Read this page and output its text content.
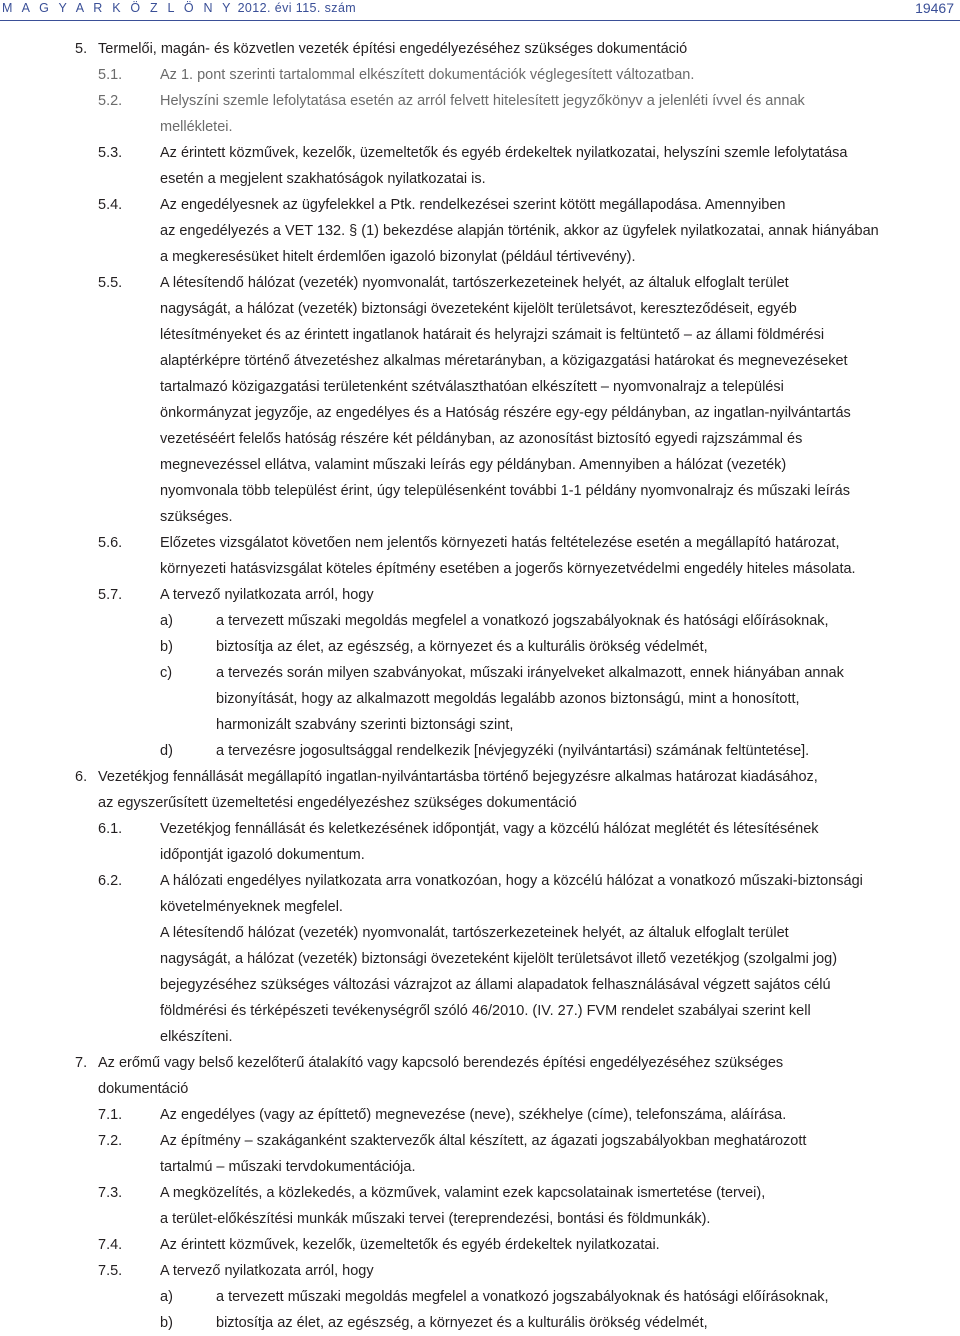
M A G Y A R K Ö Z L Ö N Y 2012. évi 115. szám	19467
5. Termelői, magán- és közvetlen vezeték építési engedélyezéséhez szükséges dokumentáció
5.1.	Az 1. pont szerinti tartalommal elkészített dokumentációk véglegesített változatban.
5.2.	Helyszíni szemle lefolytatása esetén az arról felvett hitelesített jegyzőkönyv a jelenléti ívvel és annak
mellékletei.
5.3.	Az érintett közművek, kezelők, üzemeltetők és egyéb érdekeltek nyilatkozatai, helyszíni szemle lefolytatása
esetén a megjelent szakhatóságok nyilatkozatai is.
5.4.	Az engedélyesnek az ügyfelekkel a Ptk. rendelkezései szerint kötött megállapodása. Amennyiben
az engedélyezés a VET 132. § (1) bekezdése alapján történik, akkor az ügyfelek nyilatkozatai, annak hiányában
a megkeresésüket hitelt érdemlően igazoló bizonylat (például tértivevény).
5.5.	A létesítendő hálózat (vezeték) nyomvonalát, tartószerkezeteinek helyét, az általuk elfoglalt terület
nagyságát, a hálózat (vezeték) biztonsági övezeteként kijelölt területsávot, kereszteződéseit, egyéb
létesítményeket és az érintett ingatlanok határait és helyrajzi számait is feltüntető – az állami földmérési
alaptérképre történő átvezetéshez alkalmas méretarányban, a közigazgatási határokat és megnevezéseket
tartalmazó közigazgatási területenként szétválaszthatóan elkészített – nyomvonalrajz a települési
önkormányzat jegyzője, az engedélyes és a Hatóság részére egy-egy példányban, az ingatlan-nyilvántartás
vezetéséért felelős hatóság részére két példányban, az azonosítást biztosító egyedi rajzszámmal és
megnevezéssel ellátva, valamint műszaki leírás egy példányban. Amennyiben a hálózat (vezeték)
nyomvonala több települést érint, úgy településenként további 1-1 példány nyomvonalrajz és műszaki leírás
szükséges.
5.6.	Előzetes vizsgálatot követően nem jelentős környezeti hatás feltételezése esetén a megállapító határozat,
környezeti hatásvizsgálat köteles építmény esetében a jogerős környezetvédelmi engedély hiteles másolata.
5.7.	A tervező nyilatkozata arról, hogy
a)	a tervezett műszaki megoldás megfelel a vonatkozó jogszabályoknak és hatósági előírásoknak,
b)	biztosítja az élet, az egészség, a környezet és a kulturális örökség védelmét,
c)	a tervezés során milyen szabványokat, műszaki irányelveket alkalmazott, ennek hiányában annak
bizonyítását, hogy az alkalmazott megoldás legalább azonos biztonságú, mint a honosított,
harmonizált szabvány szerinti biztonsági szint,
d)	a tervezésre jogosultsággal rendelkezik [névjegyzéki (nyilvántartási) számának feltüntetése].
6. Vezetékjog fennállását megállapító ingatlan-nyilvántartásba történő bejegyzésre alkalmas határozat kiadásához,
az egyszerűsített üzemeltetési engedélyezéshez szükséges dokumentáció
6.1.	Vezetékjog fennállását és keletkezésének időpontját, vagy a közcélú hálózat meglétét és létesítésének
időpontját igazoló dokumentum.
6.2.	A hálózati engedélyes nyilatkozata arra vonatkozóan, hogy a közcélú hálózat a vonatkozó műszaki-biztonsági
követelményeknek megfelel.
A létesítendő hálózat (vezeték) nyomvonalát, tartószerkezeteinek helyét, az általuk elfoglalt terület
nagyságát, a hálózat (vezeték) biztonsági övezeteként kijelölt területsávot illető vezetékjog (szolgalmi jog)
bejegyzéséhez szükséges változási vázrajzot az állami alapadatok felhasználásával végzett sajátos célú
földmérési és térképészeti tevékenységről szóló 46/2010. (IV. 27.) FVM rendelet szabályai szerint kell
elkészíteni.
7. Az erőmű vagy belső kezelőterű átalakító vagy kapcsoló berendezés építési engedélyezéséhez szükséges
dokumentáció
7.1.	Az engedélyes (vagy az építtető) megnevezése (neve), székhelye (címe), telefonszáma, aláírása.
7.2.	Az építmény – szakáganként szaktervezők által készített, az ágazati jogszabályokban meghatározott
tartalmú – műszaki tervdokumentációja.
7.3.	A megközelítés, a közlekedés, a közművek, valamint ezek kapcsolatainak ismertetése (tervei),
a terület-előkészítési munkák műszaki tervei (tereprendezési, bontási és földmunkák).
7.4.	Az érintett közművek, kezelők, üzemeltetők és egyéb érdekeltek nyilatkozatai.
7.5.	A tervező nyilatkozata arról, hogy
a)	a tervezett műszaki megoldás megfelel a vonatkozó jogszabályoknak és hatósági előírásoknak,
b)	biztosítja az élet, az egészség, a környezet és a kulturális örökség védelmét,
